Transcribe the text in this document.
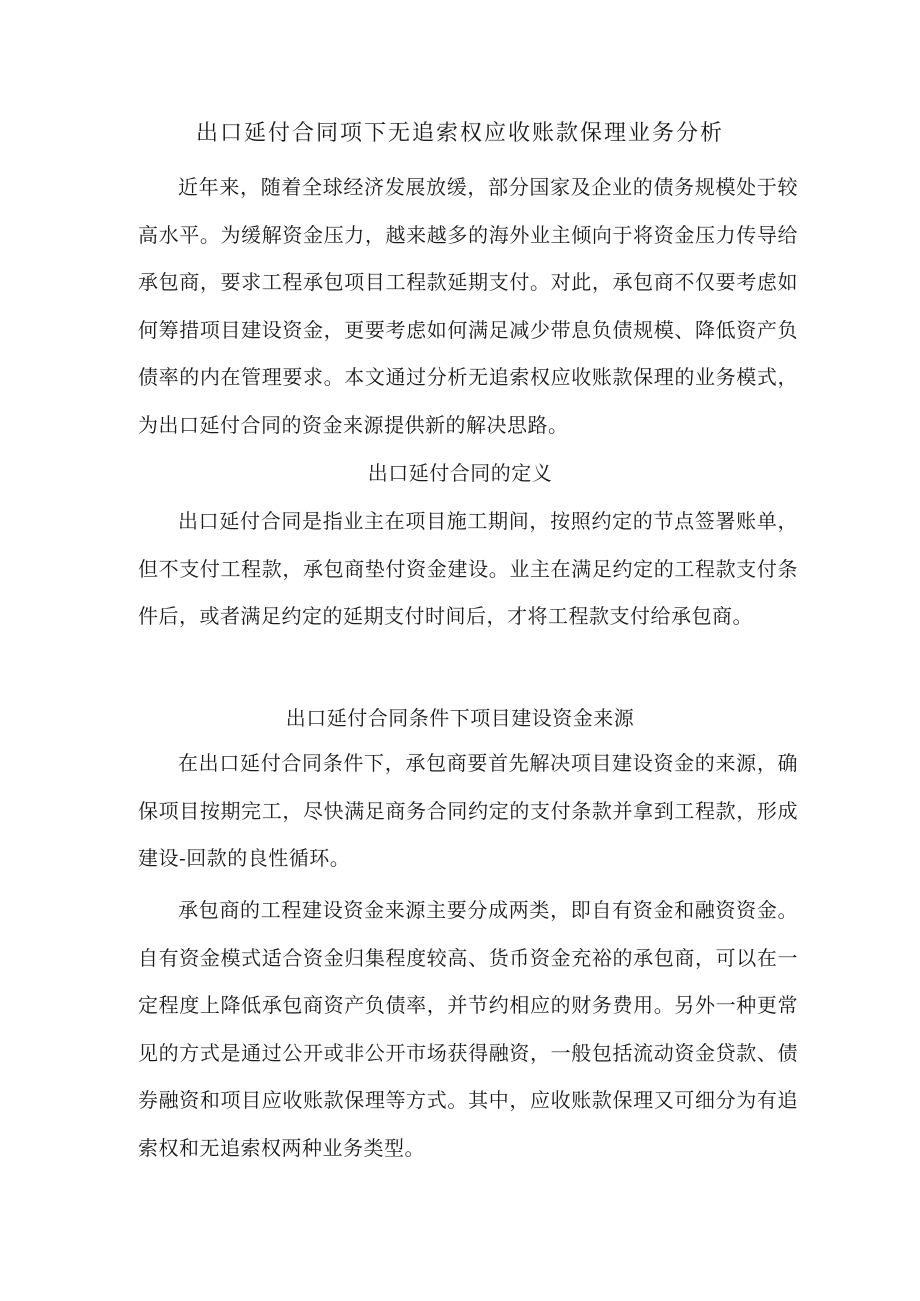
出口延付合同项下无追索权应收账款保理业务分析

近年来，随着全球经济发展放缓，部分国家及企业的债务规模处于较高水平。为缓解资金压力，越来越多的海外业主倾向于将资金压力传导给承包商，要求工程承包项目工程款延期支付。对此，承包商不仅要考虑如何筹措项目建设资金，更要考虑如何满足减少带息负债规模、降低资产负债率的内在管理要求。本文通过分析无追索权应收账款保理的业务模式，为出口延付合同的资金来源提供新的解决思路。

出口延付合同的定义

出口延付合同是指业主在项目施工期间，按照约定的节点签署账单，但不支付工程款，承包商垫付资金建设。业主在满足约定的工程款支付条件后，或者满足约定的延期支付时间后，才将工程款支付给承包商。

出口延付合同条件下项目建设资金来源

在出口延付合同条件下，承包商要首先解决项目建设资金的来源，确保项目按期完工，尽快满足商务合同约定的支付条款并拿到工程款，形成建设-回款的良性循环。

承包商的工程建设资金来源主要分成两类，即自有资金和融资资金。自有资金模式适合资金归集程度较高、货币资金充裕的承包商，可以在一定程度上降低承包商资产负债率，并节约相应的财务费用。另外一种更常见的方式是通过公开或非公开市场获得融资，一般包括流动资金贷款、债券融资和项目应收账款保理等方式。其中，应收账款保理又可细分为有追索权和无追索权两种业务类型。
